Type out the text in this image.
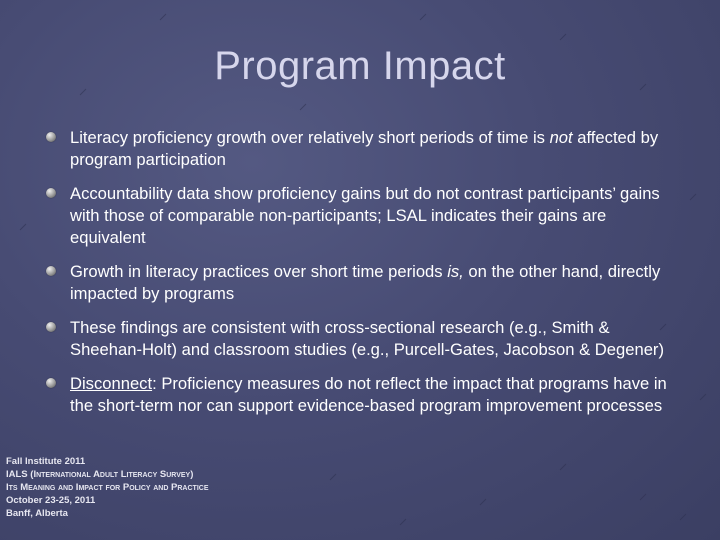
Program Impact
Literacy proficiency growth over relatively short periods of time is not affected by program participation
Accountability data show proficiency gains but do not contrast participants’ gains with those of comparable non-participants; LSAL indicates their gains are equivalent
Growth in literacy practices over short time periods is, on the other hand, directly impacted by programs
These findings are consistent with cross-sectional research (e.g., Smith & Sheehan-Holt) and classroom studies (e.g., Purcell-Gates, Jacobson & Degener)
Disconnect: Proficiency measures do not reflect the impact that programs have in the short-term nor can support evidence-based program improvement processes
Fall Institute 2011
IALS (International Adult Literacy Survey)
Its Meaning and Impact for Policy and Practice
October 23-25, 2011
Banff, Alberta
